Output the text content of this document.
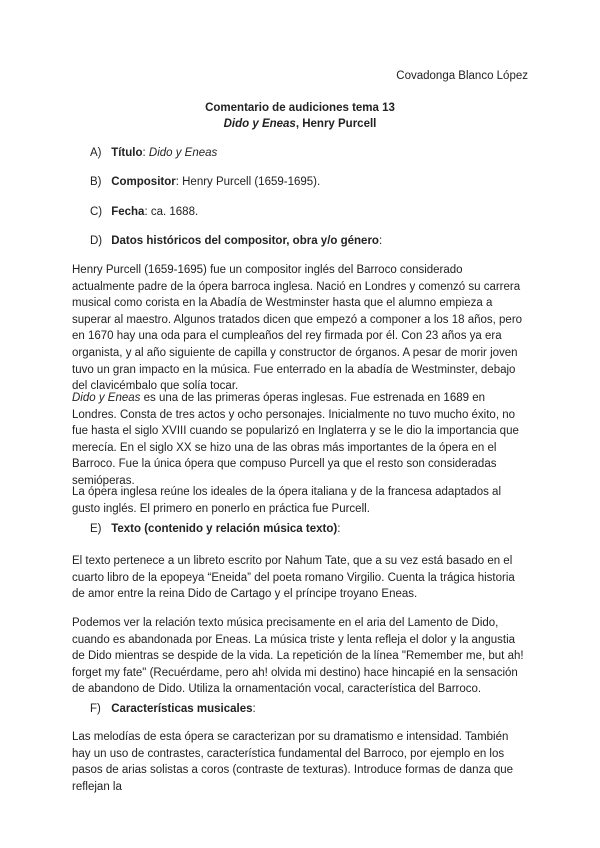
Covadonga Blanco López
Comentario de audiciones tema 13
Dido y Eneas, Henry Purcell
A) Título: Dido y Eneas
B) Compositor: Henry Purcell (1659-1695).
C) Fecha: ca. 1688.
D) Datos históricos del compositor, obra y/o género:
Henry Purcell (1659-1695) fue un compositor inglés del Barroco considerado actualmente padre de la ópera barroca inglesa. Nació en Londres y comenzó su carrera musical como corista en la Abadía de Westminster hasta que el alumno empieza a superar al maestro. Algunos tratados dicen que empezó a componer a los 18 años, pero en 1670 hay una oda para el cumpleaños del rey firmada por él. Con 23 años ya era organista, y al año siguiente de capilla y constructor de órganos. A pesar de morir joven tuvo un gran impacto en la música. Fue enterrado en la abadía de Westminster, debajo del clavicémbalo que solía tocar.
Dido y Eneas es una de las primeras óperas inglesas. Fue estrenada en 1689 en Londres. Consta de tres actos y ocho personajes. Inicialmente no tuvo mucho éxito, no fue hasta el siglo XVIII cuando se popularizó en Inglaterra y se le dio la importancia que merecía. En el siglo XX se hizo una de las obras más importantes de la ópera en el Barroco. Fue la única ópera que compuso Purcell ya que el resto son consideradas semióperas.
La ópera inglesa reúne los ideales de la ópera italiana y de la francesa adaptados al gusto inglés. El primero en ponerlo en práctica fue Purcell.
E) Texto (contenido y relación música texto):
El texto pertenece a un libreto escrito por Nahum Tate, que a su vez está basado en el cuarto libro de la epopeya “Eneida” del poeta romano Virgilio. Cuenta la trágica historia de amor entre la reina Dido de Cartago y el príncipe troyano Eneas.
Podemos ver la relación texto música precisamente en el aria del Lamento de Dido, cuando es abandonada por Eneas. La música triste y lenta refleja el dolor y la angustia de Dido mientras se despide de la vida. La repetición de la línea "Remember me, but ah! forget my fate" (Recuérdame, pero ah! olvida mi destino) hace hincapié en la sensación de abandono de Dido. Utiliza la ornamentación vocal, característica del Barroco.
F) Características musicales:
Las melodías de esta ópera se caracterizan por su dramatismo e intensidad. También hay un uso de contrastes, característica fundamental del Barroco, por ejemplo en los pasos de arias solistas a coros (contraste de texturas). Introduce formas de danza que reflejan la
